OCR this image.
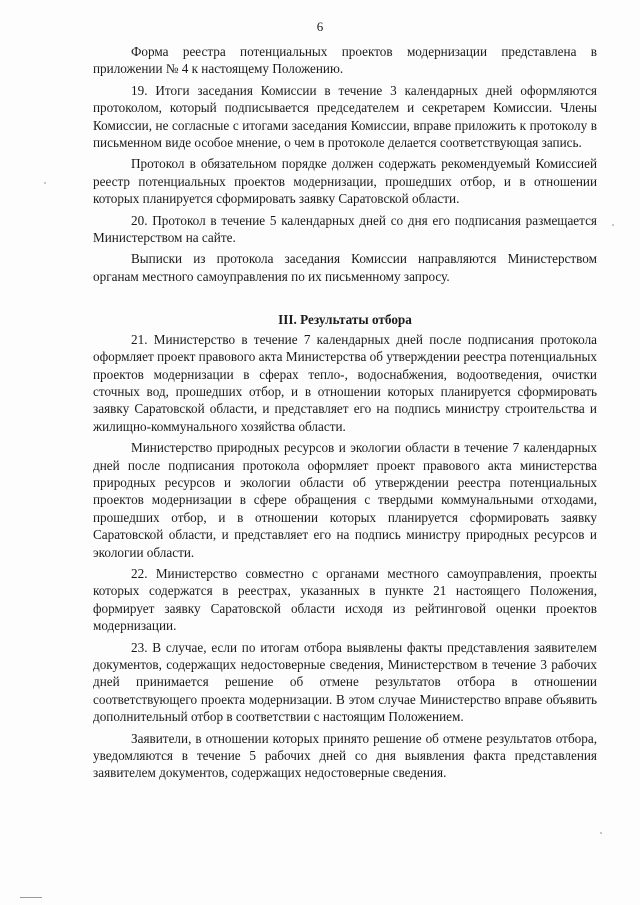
6

Форма реестра потенциальных проектов модернизации представлена в приложении № 4 к настоящему Положению.

19. Итоги заседания Комиссии в течение 3 календарных дней оформляются протоколом, который подписывается председателем и секретарем Комиссии. Члены Комиссии, не согласные с итогами заседания Комиссии, вправе приложить к протоколу в письменном виде особое мнение, о чем в протоколе делается соответствующая запись.

Протокол в обязательном порядке должен содержать рекомендуемый Комиссией реестр потенциальных проектов модернизации, прошедших отбор, и в отношении которых планируется сформировать заявку Саратовской области.

20. Протокол в течение 5 календарных дней со дня его подписания размещается Министерством на сайте.

Выписки из протокола заседания Комиссии направляются Министерством органам местного самоуправления по их письменному запросу.

III. Результаты отбора

21. Министерство в течение 7 календарных дней после подписания протокола оформляет проект правового акта Министерства об утверждении реестра потенциальных проектов модернизации в сферах тепло-, водоснабжения, водоотведения, очистки сточных вод, прошедших отбор, и в отношении которых планируется сформировать заявку Саратовской области, и представляет его на подпись министру строительства и жилищно-коммунального хозяйства области.

Министерство природных ресурсов и экологии области в течение 7 календарных дней после подписания протокола оформляет проект правового акта министерства природных ресурсов и экологии области об утверждении реестра потенциальных проектов модернизации в сфере обращения с твердыми коммунальными отходами, прошедших отбор, и в отношении которых планируется сформировать заявку Саратовской области, и представляет его на подпись министру природных ресурсов и экологии области.

22. Министерство совместно с органами местного самоуправления, проекты которых содержатся в реестрах, указанных в пункте 21 настоящего Положения, формирует заявку Саратовской области исходя из рейтинговой оценки проектов модернизации.

23. В случае, если по итогам отбора выявлены факты представления заявителем документов, содержащих недостоверные сведения, Министерством в течение 3 рабочих дней принимается решение об отмене результатов отбора в отношении соответствующего проекта модернизации. В этом случае Министерство вправе объявить дополнительный отбор в соответствии с настоящим Положением.

Заявители, в отношении которых принято решение об отмене результатов отбора, уведомляются в течение 5 рабочих дней со дня выявления факта представления заявителем документов, содержащих недостоверные сведения.
